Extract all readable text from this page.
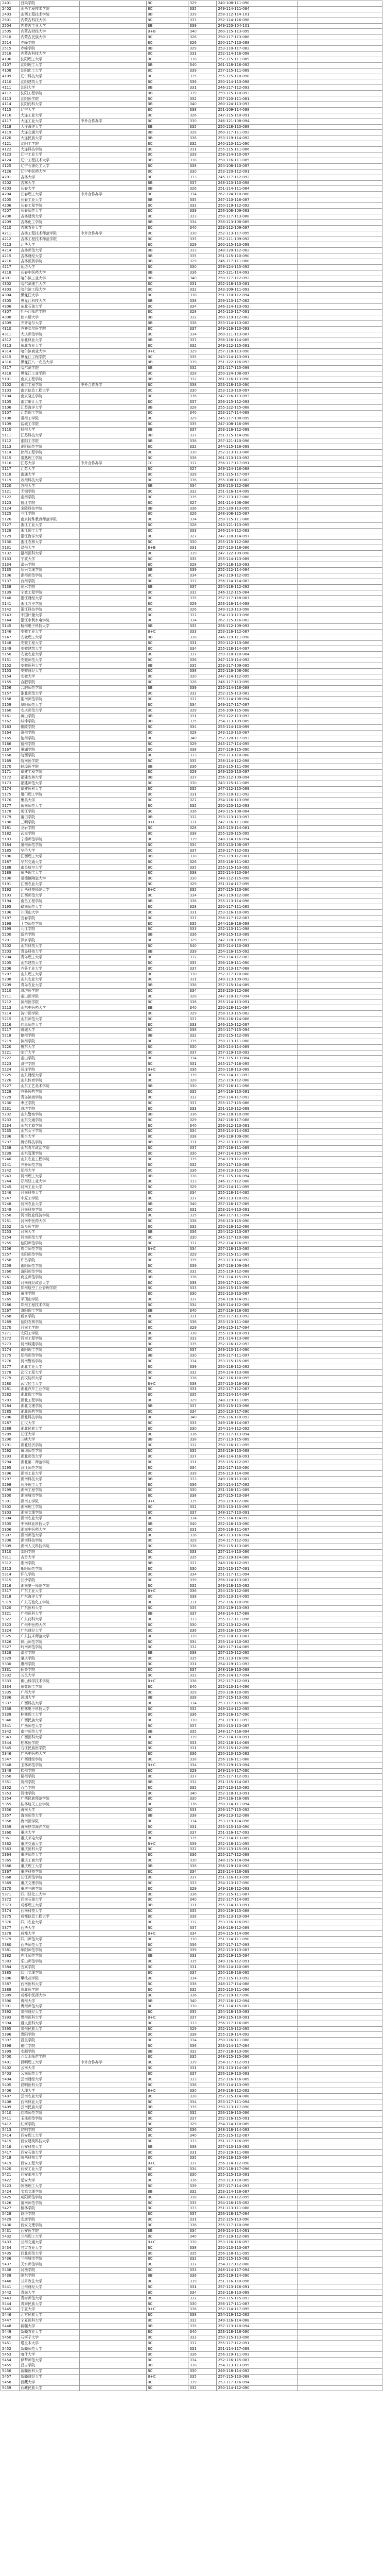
2401	吕梁学院		BC	329	240-108-111-090	
2402	山西工程技术学院		BC	335	249-114-111-084	
2403	山西工程技术学院		BB	339	258-112-114-101	
2501	内蒙古科技大学		BC	333	252-114-116-098	
2504	内蒙古工业大学		BB	339	249-120-104-101	
2505	内蒙古财经大学		B+B	340	260-115-113-099	
2510	内蒙古民族大学		BC	326	250-117-113-088	
2514	赤峰学院		BC	326	250-117-113-088	
2515	赤峰学院		BB	329	253-110-117-082	
2516	内蒙古科技大学		BC	331	252-114-116-098	
4106	沈阳理工大学		BC	338	257-115-111-089	
4107	沈阳理工大学		BB	340	261-118-116-092	
4108	沈阳化工大学		BC	339	257-115-111-089	
4109	辽宁科技大学		BC	335	255-115-110-098	
4110	沈阳建筑大学		BC	336	250-114-113-098	
4111	沈阳大学		BB	331	246-117-112-093	
4112	沈阳工程学院		BB	339	259-115-110-093	
4113	沈阳医学院		BC	332	257-120-111-081	
4114	沈阳药科大学		BB	340	260-124-113-097	
4115	辽宁大学		BC	338	251-109-114-098	
4116	大连工业大学		BC	326	247-115-110-091	
4117	大连工业大学	中外合作办学	BC	330	246-121-108-094	
4118	大连海洋大学		BB	335	250-118-110-098	
4119	大连交通大学		BB	328	260-117-111-092	
4120	大连民族大学		BB	336	253-119-114-092	
4121	沈阳工学院		BC	332	240-110-111-090	
4122	大连科技学院		BC	331	255-115-111-086	
4123	辽宁工业大学		BC	339	258-114-110-097	
4124	辽宁工程技术大学		BB	338	250-116-111-085	
4125	辽宁石油化工大学		BC	338	254-108-110-097	
4126	辽宁中医药大学		BC	330	253-120-112-091	
4201	吉林大学		BC	333	245-117-112-092	
4202	吉林大学		BB	337	248-113-110-098	
4203	长春大学		BB	326	251-114-111-084	
4204	长春理工大学	中外合作办学	BC	334	262-124-110-080	
4205	长春工业大学		BB	335	247-110-116-087	
4206	长春工程学院		BC	332	250-119-112-092	
4207	长春师范大学		BC	339	256-108-109-083	
4208	吉林建筑大学		BC	333	250-117-113-088	
4209	吉林化工学院		BB	334	258-113-108-085	
4210	吉林农业大学		BC	340	253-112-109-097	
4211	吉林工程技术师范学院	中外合作办学	BC	330	252-113-117-095	
4212	吉林工程技术师范学院		BC	335	252-111-109-092	
4213	北华大学		BC	329	260-115-113-099	
4214	吉林师范大学		BB	333	248-120-112-082	
4215	吉林财经大学		BB	335	251-115-110-090	
4216	吉林医药学院		BB	329	246-117-111-080	
4217	延边大学		BC	330	259-124-115-092	
4218	长春中医药大学		BB	336	255-121-114-093	
4301	哈尔滨工业大学		BB	340	250-117-112-092	
4302	哈尔滨理工大学		BC	331	252-118-113-081	
4303	哈尔滨工程大学		BC	332	243-109-111-093	
4304	黑龙江大学		BC	338	251-110-112-094	
4305	黑龙江科技大学		BB	338	259-113-117-082	
4306	东北石油大学		BC	334	246-114-113-092	
4307	牡丹江师范学院		BC	328	245-110-117-091	
4308	佳木斯大学		BB	332	260-119-112-082	
4309	齐齐哈尔大学		BB	338	253-114-113-082	
4310	齐齐哈尔医学院		BC	337	249-116-110-093	
4311	大庆师范学院		BC	334	260-111-113-087	
4312	东北林业大学		BB	337	256-116-114-085	
4313	东北农业大学		BC	332	249-112-115-091	
4314	哈尔滨商业大学		B+C	329	257-118-113-090	
4315	黑龙江工程学院		BC	335	243-114-113-091	
4316	黑龙江八一农垦大学		BB	339	251-122-116-093	
4317	哈尔滨学院		BB	332	251-117-115-099	
4318	黑龙江工业学院		BC	328	250-124-108-097	
5101	南京工程学院		BB	332	261-116-113-090	
5102	南京工程学院	中外合作办学	BC	338	253-118-110-090	
5103	南京信息工程大学		BC	330	253-113-110-097	
5104	南京晓庄学院		BC	336	247-116-113-093	
5105	南京审计大学		BC	337	256-115-112-093	
5106	江苏海洋大学		BB	328	255-122-115-088	
5107	江苏理工学院		BC	340	253-117-114-088	
5108	常州工学院		BC	329	245-117-108-099	
5109	盐城工学院		BC	335	247-108-116-099	
5110	扬州大学		BB	337	253-116-112-099	
5111	江苏科技大学		BB	337	251-115-114-098	
5112	淮阴工学院		BB	338	257-121-110-096	
5113	淮阴师范学院		BC	332	244-115-116-099	
5114	徐州工程学院		BC	330	252-113-113-086	
5115	常熟理工学院		BC	338	261-113-113-092	
5116	江苏大学	中外合作办学	CC	337	256-117-117-091	
5117	江苏大学		BC	327	249-124-116-088	
5118	南通大学		BC	339	251-115-117-097	
5119	苏州科技大学		BC	336	255-108-113-082	
5120	苏州大学		BB	334	258-113-112-096	
5121	无锡学院		BC	332	251-116-114-099	
5122	泰州学院		BC	335	257-113-117-088	
5123	宿迁学院		BC	327	261-114-108-096	
5124	金陵科技学院		BB	336	255-120-113-095	
5125	三江学院		BC	326	248-108-115-087	
5126	南京特殊教育师范学院		BC	334	250-115-111-086	
5127	浙江工业大学		BC	328	243-121-113-095	
5128	浙江理工大学		BC	333	246-114-112-083	
5129	浙江海洋大学		BC	327	247-118-114-097	
5130	浙江农林大学		BC	330	255-115-112-088	
5131	温州大学		B+B	331	257-113-118-086	
5132	温州医科大学		BC	339	247-122-109-098	
5133	宁波大学		BC	335	255-114-113-089	
5134	嘉兴学院		BC	328	254-118-113-093	
5135	绍兴文理学院		BB	339	252-112-114-094	
5136	湖州师范学院		BC	334	242-119-112-095	
5137	台州学院		BC	337	256-114-114-083	
5138	丽水学院		BB	337	254-118-112-092	
5139	宁波工程学院		BC	332	246-112-115-084	
5140	浙江财经大学		BC	335	257-117-118-087	
5141	浙江万里学院		BC	329	253-116-114-098	
5142	浙江科技学院		BC	326	249-113-113-098	
5143	中国计量大学		BC	337	254-113-113-096	
5144	浙江水利水电学院		BC	334	262-115-116-082	
5145	杭州电子科技大学		BB	335	256-112-109-093	
5146	安徽工业大学		B+C	333	253-116-112-087	
5147	安徽理工大学		BB	338	246-119-111-098	
5148	安徽工程大学		BC	331	250-112-113-086	
5149	安徽建筑大学		BC	334	255-118-114-097	
5150	安徽农业大学		BC	337	259-118-110-084	
5151	安徽师范大学		BC	336	247-113-114-092	
5152	安徽医科大学		BB	335	253-117-109-095	
5153	安徽财经大学		BC	338	252-116-108-090	
5154	安徽大学		BC	330	247-114-112-095	
5155	合肥学院		BC	326	246-117-113-099	
5156	合肥师范学院		BB	339	255-114-116-088	
5157	淮北师范大学		BC	332	252-115-113-083	
5158	淮南师范学院		BC	337	255-114-108-094	
5159	阜阳师范大学		BC	334	249-117-117-097	
5160	安庆师范大学		BC	339	256-109-115-088	
5161	黄山学院		BB	331	250-122-113-093	
5162	蚌埠学院		BB	335	254-113-109-089	
5163	铜陵学院		BC	334	253-114-110-099	
5164	滁州学院		BC	328	243-113-110-087	
5165	池州学院		BC	340	252-120-117-093	
5166	宿州学院		BC	329	245-117-114-095	
5167	巢湖学院		BC	338	257-119-115-090	
5168	皖西学院		BC	333	250-113-110-088	
5169	皖南医学院		BC	335	258-114-112-098	
5170	蚌埠医学院		BB	336	253-115-111-096	
5171	福建工程学院		BC	329	249-120-113-097	
5172	福建农林大学		BB	337	256-112-109-094	
5173	福建师范大学		BC	330	243-115-111-089	
5174	福建医科大学		BC	335	247-112-115-089	
5175	厦门理工学院		BC	331	250-110-111-092	
5176	集美大学		BC	327	254-116-113-096	
5177	闽南师范大学		BC	332	250-120-112-093	
5178	闽江学院		BC	336	249-115-108-084	
5179	莆田学院		BB	332	253-113-113-097	
5180	三明学院		B+C	331	247-116-111-088	
5181	龙岩学院		BC	328	245-113-114-081	
5182	武夷学院		BC	338	255-120-115-095	
5183	宁德师范学院		BC	339	248-114-116-094	
5184	泉州师范学院		BC	334	255-113-108-097	
5185	华侨大学		BC	337	259-117-112-093	
5186	江西理工大学		BB	338	250-119-112-081	
5187	华东交通大学		BC	326	253-116-111-082	
5188	南昌航空大学		BC	335	255-115-113-092	
5189	东华理工大学		BC	338	252-114-110-094	
5190	景德镇陶瓷大学		BC	330	248-112-115-098	
5191	江西农业大学		BC	329	251-114-117-099	
5192	江西科技师范大学		B+C	332	257-115-113-090	
5193	江西师范大学		BC	334	243-119-112-086	
5194	南昌工程学院		BB	336	255-113-114-096	
5195	赣南师范大学		BC	328	250-117-111-085	
5196	井冈山大学		BC	331	253-116-110-089	
5197	宜春学院		BC	337	258-117-112-087	
5198	上饶师范学院		BC	335	244-116-118-098	
5199	九江学院		BC	333	252-113-111-098	
5200	新余学院		BB	336	249-115-113-089	
5201	萍乡学院		BC	329	247-118-109-093	
5202	山东科技大学		BC	340	255-114-110-093	
5203	青岛科技大学		BB	339	254-116-115-092	
5204	青岛理工大学		BC	332	250-114-112-083	
5205	山东建筑大学		BC	335	256-119-111-090	
5206	齐鲁工业大学		BC	337	251-113-117-088	
5207	山东理工大学		BC	330	252-117-110-088	
5208	山东农业大学		BC	331	249-113-109-092	
5209	青岛农业大学		BB	338	257-115-114-089	
5210	潍坊医学院		BC	334	253-120-112-096	
5211	泰山医学院		BC	328	247-110-117-094	
5212	滨州医学院		BC	336	255-114-113-091	
5213	山东中医药大学		BB	340	250-118-111-094	
5214	济宁医学院		BC	329	258-113-115-082	
5215	山东师范大学		BC	337	256-116-114-088	
5216	曲阜师范大学		BC	333	246-115-112-097	
5217	聊城大学		BC	338	254-117-115-094	
5218	德州学院		BB	332	252-115-112-099	
5219	滨州学院		BC	335	250-113-111-088	
5220	鲁东大学		BC	330	243-114-114-089	
5221	临沂大学		BC	337	257-119-110-093	
5222	泰山学院		BC	334	251-115-113-084	
5223	济宁学院		BC	331	245-117-116-095	
5224	菏泽学院		B+C	336	250-118-113-089	
5225	山东财经大学		BC	339	258-114-111-093	
5226	山东体育学院		BC	328	252-119-112-088	
5227	山东工艺美术学院		BB	330	257-116-111-096	
5228	齐鲁医药学院		BC	335	244-116-110-091	
5229	青岛滨海学院		BC	332	250-114-117-093	
5230	枣庄学院		BC	337	255-117-115-086	
5231	潍坊学院		BC	333	251-113-112-089	
5232	山东警察学院		BB	336	254-118-110-096	
5233	山东交通学院		BC	329	247-116-117-088	
5234	山东工商学院		BC	340	256-112-113-091	
5235	山东女子学院		BC	334	253-114-114-092	
5236	烟台大学		BC	338	249-118-109-090	
5237	潍坊科技学院		BB	331	252-113-113-096	
5238	山东青年政治学院		BC	337	257-116-111-089	
5239	山东管理学院		BC	330	247-114-115-087	
5240	山东农业工程学院		BC	335	254-119-112-091	
5241	齐鲁师范学院		BC	332	250-117-110-089	
5242	郑州大学		BC	336	258-113-113-093	
5243	河南理工大学		BB	338	251-115-116-094	
5244	郑州轻工业大学		BC	333	246-117-112-088	
5245	河南工业大学		BC	329	252-114-111-099	
5246	河南科技大学		BC	334	255-118-114-085	
5247	中原工学院		BC	337	249-113-110-092	
5248	河南农业大学		BB	340	257-116-117-089	
5249	河南科技学院		BC	331	253-114-113-091	
5250	河南牧业经济学院		BC	335	248-117-111-094	
5251	河南中医药大学		BC	338	256-113-115-090	
5252	新乡医学院		BC	332	250-116-112-086	
5253	河南大学		BB	336	254-112-113-097	
5254	河南师范大学		BC	330	245-117-110-088	
5255	信阳师范学院		BC	337	252-114-116-093	
5256	周口师范学院		B+C	334	257-118-113-095	
5257	安阳师范学院		BC	329	250-115-111-089	
5258	许昌学院		BC	335	253-113-114-092	
5259	南阳师范学院		BC	339	247-116-109-094	
5260	洛阳师范学院		BC	332	255-119-112-088	
5261	商丘师范学院		BB	336	251-114-115-091	
5262	河南财经政法大学		BC	338	256-117-111-090	
5263	郑州航空工业管理学院		BC	333	249-115-113-096	
5264	黄淮学院		BC	330	252-113-110-087	
5265	平顶山学院		BC	337	254-118-114-093	
5266	郑州工程技术学院		BC	334	248-114-112-089	
5267	洛阳理工学院		BB	340	257-116-116-095	
5268	新乡学院		BC	331	250-117-113-092	
5269	信阳农林学院		BC	336	253-113-111-088	
5270	河南工学院		BC	329	246-115-117-094	
5271	安阳工学院		BC	338	255-119-110-091	
5272	河南工程学院		BC	333	251-114-113-086	
5273	河南城建学院		BC	335	252-116-112-093	
5274	南阳理工学院		BC	337	249-113-114-090	
5275	郑州师范学院		BB	330	256-117-111-097	
5276	河南警察学院		BC	334	253-115-115-089	
5277	湖北工业大学		BC	339	250-118-112-092	
5278	武汉工程大学		BC	332	254-114-113-088	
5279	武汉纺织大学		BC	336	247-116-110-095	
5280	武汉轻工大学		B+C	338	257-113-116-091	
5281	湖北汽车工业学院		BC	331	252-117-112-087	
5282	湖北理工学院		BC	335	255-114-114-094	
5283	湖北工程学院		BC	329	248-119-111-089	
5284	湖北文理学院		BB	337	253-115-113-096	
5285	湖北医药学院		BC	334	250-113-117-090	
5286	湖北科技学院		BC	340	256-116-110-093	
5287	江汉大学		BC	333	249-118-114-087	
5288	湖北民族大学		BC	330	254-114-112-092	
5289	长江大学		BC	336	251-117-113-094	
5290	三峡大学		BB	338	257-113-115-089	
5291	湖北经济学院		BC	332	250-116-111-095	
5292	黄冈师范学院		BC	335	253-119-113-088	
5293	湖北师范大学		BC	337	248-114-116-091	
5294	湖北第二师范学院		BC	331	255-115-112-093	
5295	汉江师范学院		BC	334	252-117-110-090	
5296	湖南工业大学		BC	339	256-113-114-096	
5297	湖南科技大学		BB	333	249-118-113-087	
5298	长沙理工大学		BC	336	254-114-117-092	
5299	湖南工程学院		BC	330	251-116-111-089	
5300	湖南城市学院		BC	338	257-115-113-094	
5301	湖南工学院		B+C	335	250-119-112-088	
5302	湖南理工学院		BC	332	253-113-115-095	
5303	湖南文理学院		BC	337	248-117-110-091	
5304	湖南农业大学		BC	334	255-114-114-093	
5305	中南林业科技大学		BB	340	252-116-113-090	
5306	湖南中医药大学		BC	331	256-118-111-087	
5307	湖南师范大学		BC	336	249-113-116-094	
5308	湖南科技学院		BC	329	254-117-112-092	
5309	湖南人文科技学院		BC	338	250-115-113-089	
5310	邵阳学院		BC	333	257-114-110-096	
5311	吉首大学		BC	335	252-119-114-088	
5312	湘南学院		BB	337	248-116-112-093	
5313	衡阳师范学院		BC	330	255-113-117-091	
5314	怀化学院		BC	334	251-117-111-094	
5315	长沙学院		BC	339	256-114-113-087	
5316	湖南第一师范学院		BC	332	249-118-115-092	
5317	广东工业大学		B+C	336	254-115-112-089	
5318	广东海洋大学		BC	338	250-113-114-095	
5319	广东石油化工学院		BC	331	257-116-110-090	
5320	广东医科大学		BC	335	253-119-113-093	
5321	广州医科大学		BB	337	248-114-117-088	
5322	广东药科大学		BC	333	255-117-111-096	
5323	广州中医药大学		BC	330	252-113-112-091	
5324	广东财经大学		BC	336	256-116-115-094	
5325	广东技术师范大学		BC	339	250-118-113-087	
5326	韩山师范学院		BC	334	253-114-110-092	
5327	岭南师范学院		BC	332	249-117-114-089	
5328	嘉应学院		BB	338	257-115-112-095	
5329	肇庆学院		BC	335	251-113-116-090	
5330	惠州学院		BC	331	254-119-111-093	
5331	韶关学院		BC	337	248-116-113-088	
5332	五邑大学		BC	333	256-114-117-094	
5333	佛山科学技术学院		B+C	336	252-117-112-091	
5334	东莞理工学院		BC	340	255-113-114-096	
5335	广州大学		BC	329	250-118-110-089	
5336	深圳大学		BB	338	257-115-113-092	
5337	广西科技大学		BC	334	253-117-115-088	
5338	桂林电子科技大学		BC	332	249-114-112-095	
5339	桂林理工大学		BC	336	256-116-117-090	
5340	广西民族大学		BC	330	251-119-111-093	
5341	广西师范大学		BC	337	254-113-113-087	
5342	南宁师范大学		BB	335	248-117-116-094	
5343	广西医科大学		BC	339	257-114-110-091	
5344	桂林医学院		BC	333	252-118-114-089	
5345	右江民族医学院		BC	331	255-115-112-096	
5346	广西中医药大学		BC	336	250-113-115-092	
5347	广西财经学院		BC	338	256-116-111-088	
5348	玉林师范学院		B+C	334	253-119-113-094	
5349	钦州学院		BC	329	249-114-117-090	
5350	梧州学院		BC	337	255-117-112-093	
5351	贺州学院		BB	332	251-115-114-087	
5352	百色学院		BC	335	257-113-110-095	
5353	河池学院		BC	340	252-118-113-091	
5354	广西民族师范学院		BC	330	254-116-116-089	
5355	桂林航天工业学院		BC	336	250-114-111-094	
5356	海南大学		BC	333	256-117-115-092	
5357	海南师范大学		BB	338	249-113-112-088	
5358	海南医学院		BC	334	253-119-114-096	
5359	海南热带海洋学院		BC	331	255-115-110-090	
5360	重庆大学		BC	337	251-116-117-093	
5361	重庆邮电大学		BC	335	257-114-113-089	
5362	重庆交通大学		B+C	339	252-118-111-095	
5363	重庆医科大学		BC	332	250-113-115-091	
5364	重庆师范大学		BC	336	255-117-112-088	
5365	重庆工商大学		BC	330	248-115-114-094	
5366	重庆理工大学		BB	338	256-119-110-092	
5367	重庆科技学院		BC	334	253-114-116-089	
5368	长江师范学院		BC	337	251-116-113-096	
5369	重庆文理学院		BC	333	254-113-117-090	
5370	重庆三峡学院		BC	329	249-118-112-093	
5371	四川轻化工大学		BC	336	257-115-111-087	
5372	西南石油大学		BC	340	252-117-114-095	
5373	成都理工大学		BB	331	255-114-113-091	
5374	西南科技大学		BC	335	250-119-115-088	
5375	成都信息工程大学		BC	338	256-113-110-094	
5376	四川农业大学		BC	332	253-116-116-092	
5377	西华大学		BC	337	248-118-112-089	
5378	成都大学		B+C	334	254-115-114-096	
5379	四川师范大学		BC	330	251-114-111-090	
5380	西华师范大学		BC	336	257-117-117-093	
5381	绵阳师范学院		BC	339	252-113-113-087	
5382	内江师范学院		BB	333	255-119-115-094	
5383	乐山师范学院		BC	335	249-116-112-091	
5384	宜宾学院		BC	331	256-114-110-089	
5385	四川文理学院		BC	337	250-118-116-095	
5386	攀枝花学院		BC	334	253-115-113-092	
5387	西南医科大学		BC	338	248-117-114-088	
5388	川北医学院		BC	332	255-113-111-096	
5389	成都中医药大学		BC	336	252-119-117-090	
5390	贵州大学		BB	340	257-116-112-094	
5391	贵州师范大学		BC	330	251-114-115-087	
5392	贵州财经大学		BC	335	254-118-113-093	
5393	贵州医科大学		B+C	337	249-115-110-091	
5394	遵义医科大学		BC	333	256-117-116-089	
5395	贵州民族大学		BC	329	252-113-112-095	
5396	贵阳学院		BC	338	255-119-114-092	
5397	凯里学院		BC	334	250-116-111-088	
5398	铜仁学院		BC	336	253-114-117-094	
5399	安顺学院		BB	332	257-118-113-090	
5400	六盘水师范学院		BC	335	248-115-115-096	
5401	昆明理工大学	中外合作办学	BC	339	254-117-112-091	
5402	云南大学		BC	331	251-113-114-087	
5403	云南师范大学		BC	337	256-119-110-093	
5404	云南财经大学		BC	333	252-116-116-089	
5405	昆明医科大学		BC	336	255-114-113-095	
5406	大理大学		B+C	330	249-118-112-092	
5407	云南农业大学		BC	338	257-115-114-088	
5408	西南林业大学		BC	334	253-117-111-094	
5409	云南民族大学		BB	335	250-113-117-090	
5410	曲靖师范学院		BC	332	256-119-113-096	
5411	玉溪师范学院		BC	337	252-116-115-091	
5412	红河学院		BC	329	254-114-110-089	
5413	昆明学院		BC	336	248-118-114-093	
5414	西安理工大学		BC	340	255-115-112-087	
5415	西安建筑科技大学		BC	333	251-117-116-095	
5416	西安科技大学		BB	338	257-113-113-092	
5417	西安石油大学		BC	331	253-119-111-088	
5418	陕西科技大学		BC	335	249-116-115-094	
5419	西安工程大学		B+C	337	256-114-112-090	
5420	西安工业大学		BC	334	252-118-117-096	
5421	西安邮电大学		BC	330	255-115-113-091	
5422	延安大学		BC	336	250-113-110-089	
5423	陕西理工大学		BC	339	257-117-114-093	
5424	宝鸡文理学院		BB	332	253-114-116-087	
5425	咸阳师范学院		BC	338	248-119-112-095	
5426	渭南师范学院		BC	335	254-116-115-092	
5427	榆林学院		BC	333	251-113-111-088	
5428	商洛学院		BC	337	256-118-117-094	
5429	安康学院		BC	331	252-115-113-090	
5430	西安文理学院		BC	336	255-117-110-096	
5431	西安医学院		BB	334	249-114-114-091	
5432	兰州理工大学		BC	340	257-119-112-089	
5433	兰州交通大学		B+C	330	253-116-116-093	
5434	甘肃农业大学		BC	338	250-113-113-087	
5435	西北师范大学		BC	335	256-118-111-095	
5436	兰州城市学院		BC	332	252-115-115-092	
5437	天水师范学院		BC	337	254-117-112-088	
5438	河西学院		BC	333	248-114-117-094	
5439	陇东学院		BB	336	255-119-114-090	
5440	甘肃政法大学		BC	339	251-116-110-096	
5441	兰州财经大学		BC	331	257-113-116-091	
5442	青海大学		BC	334	253-118-113-089	
5443	青海师范大学		BC	337	250-115-115-093	
5444	青海民族大学		BC	330	256-117-111-087	
5445	宁夏大学		B+C	336	252-114-117-095	
5446	北方民族大学		BC	338	254-119-112-092	
5447	宁夏医科大学		BC	332	249-116-114-088	
5448	新疆大学		BB	335	257-113-110-094	
5449	新疆农业大学		BC	340	253-118-116-090	
5450	石河子大学		BC	333	250-115-113-096	
5451	塔里木大学		BC	337	255-117-112-091	
5452	新疆师范大学		BC	331	251-114-117-089	
5453	喀什大学		BC	336	256-119-111-093	
5454	伊犁师范大学		BC	334	252-116-115-087	
5455	昌吉学院		BB	338	254-113-113-095	
5456	新疆医科大学		BC	330	249-118-114-092	
5457	新疆财经大学		B+C	335	257-115-110-088	
5458	西藏大学		BC	339	253-117-116-094	
5459	西藏民族大学		BC	332	250-114-112-090	
